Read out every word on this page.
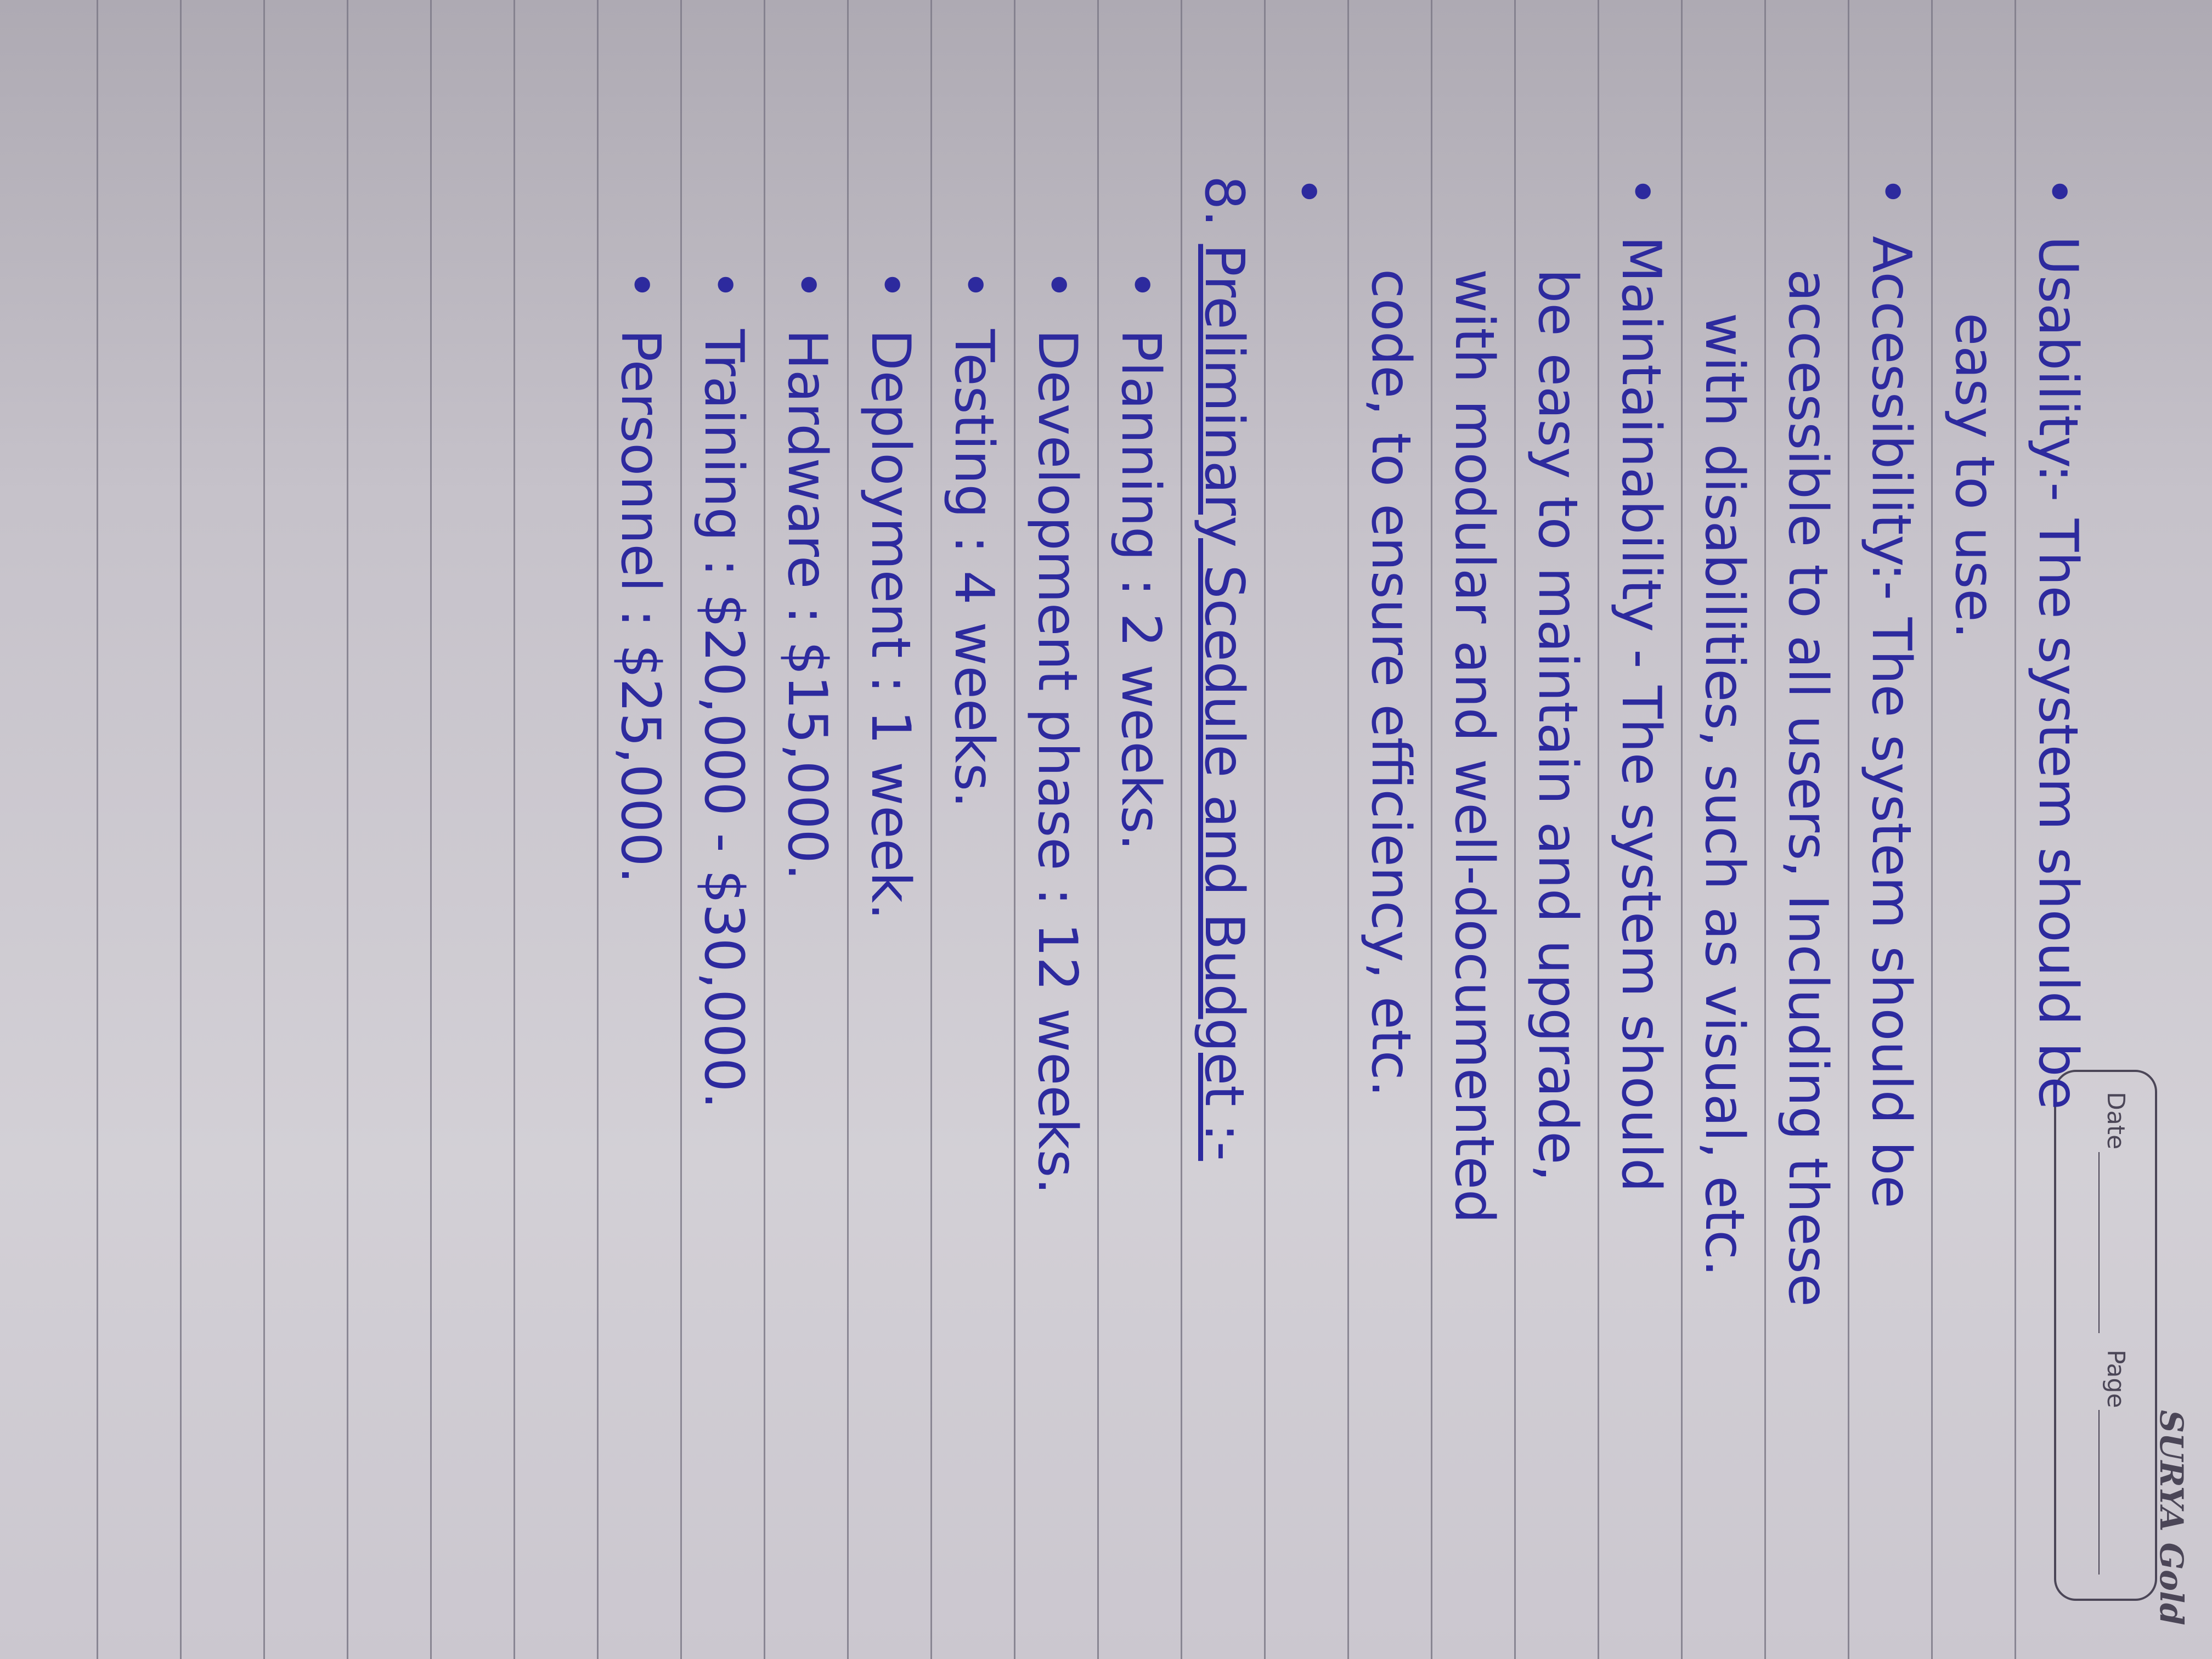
SURYA Gold
Date
Page
•Usability:- The system should be
easy to use.
•Accessibility:- The system should be
accessible to all users, Including these
with disabilities, such as visual, etc.
•Maintainability - The system should
be easy to maintain and upgrade,
with modular and well-documented
code, to ensure efficiency, etc.
•
8. Preliminary Scedule and Budget :-
•Planning : 2 weeks.
•Development phase : 12 weeks.
•Testing : 4 weeks.
•Deployment : 1 week.
•Hardware : $15,000.
•Training : $20,000 - $30,000.
•Personnel : $25,000.
